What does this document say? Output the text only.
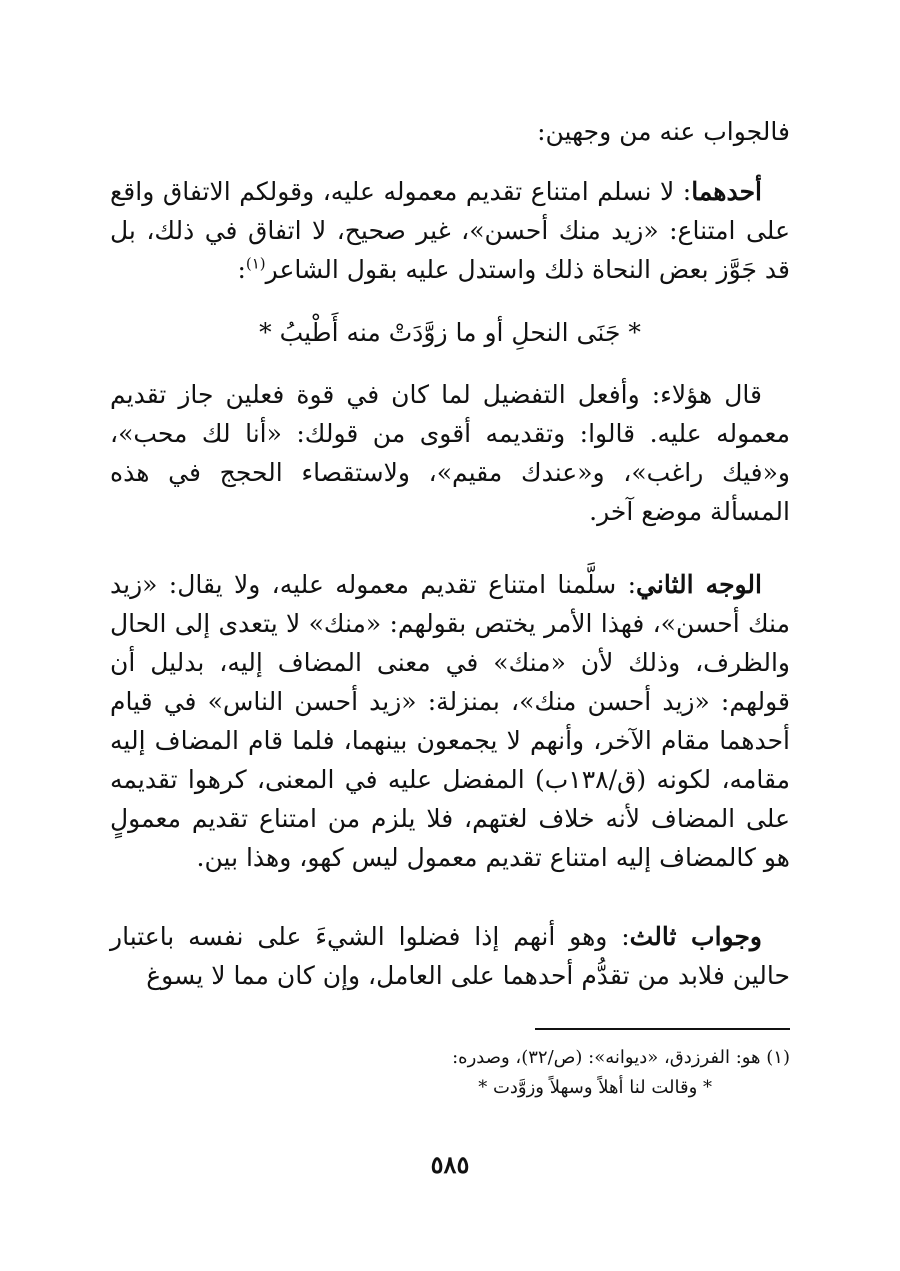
فالجواب عنه من وجهين:

أحدهما: لا نسلم امتناع تقديم معموله عليه، وقولكم الاتفاق واقع على امتناع: «زيد منك أحسن»، غير صحيح، لا اتفاق في ذلك، بل قد جَوَّز بعض النحاة ذلك واستدل عليه بقول الشاعر$^{(١)}$:

* جَنَى النحلِ أو ما زوَّدَتْ منه أَطْيبُ *

قال هؤلاء: وأفعل التفضيل لما كان في قوة فعلين جاز تقديم معموله عليه. قالوا: وتقديمه أقوى من قولك: «أنا لك محب»، و«فيك راغب»، و«عندك مقيم»، ولاستقصاء الحجج في هذه المسألة موضع آخر.

الوجه الثاني: سلَّمنا امتناع تقديم معموله عليه، ولا يقال: «زيد منك أحسن»، فهذا الأمر يختص بقولهم: «منك» لا يتعدى إلى الحال والظرف، وذلك لأن «منك» في معنى المضاف إليه، بدليل أن قولهم: «زيد أحسن منك»، بمنزلة: «زيد أحسن الناس» في قيام أحدهما مقام الآخر، وأنهم لا يجمعون بينهما، فلما قام المضاف إليه مقامه، لكونه (ق/١٣٨ب) المفضل عليه في المعنى، كرهوا تقديمه على المضاف لأنه خلاف لغتهم، فلا يلزم من امتناع تقديم معمولٍ هو كالمضاف إليه امتناع تقديم معمول ليس كهو، وهذا بين.

وجواب ثالث: وهو أنهم إذا فضلوا الشيءَ على نفسه باعتبار حالين فلابد من تقدُّم أحدهما على العامل، وإن كان مما لا يسوغ

(١) هو: الفرزدق، «ديوانه»: (ص/٣٢)، وصدره:

* وقالت لنا أهلاً وسهلاً وزوَّدت *

٥٨٥
